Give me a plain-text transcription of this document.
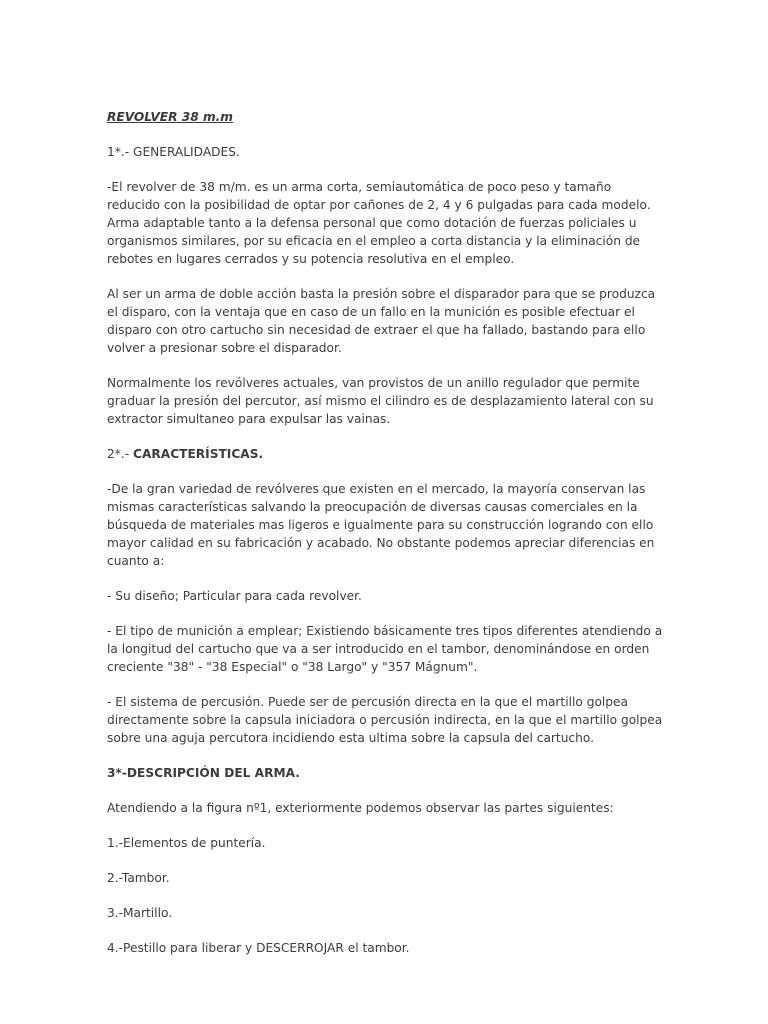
REVOLVER 38 m.m
1*.- GENERALIDADES.

-El revolver de 38 m/m. es un arma corta, semiautomática de poco peso y tamaño reducido con la posibilidad de optar por cañones de 2, 4 y 6 pulgadas para cada modelo. Arma adaptable tanto a la defensa personal que como dotación de fuerzas policiales u organismos similares, por su eficacia en el empleo a corta distancia y la eliminación de rebotes en lugares cerrados y su potencia resolutiva en el empleo.

Al ser un arma de doble acción basta la presión sobre el disparador para que se produzca el disparo, con la ventaja que en caso de un fallo en la munición es posible efectuar el disparo con otro cartucho sin necesidad de extraer el que ha fallado, bastando para ello volver a presionar sobre el disparador.

Normalmente los revólveres actuales, van provistos de un anillo regulador que permite graduar la presión del percutor, así mismo el cilindro es de desplazamiento lateral con su extractor simultaneo para expulsar las vainas.

2*.- CARACTERÍSTICAS.

-De la gran variedad de revólveres que existen en el mercado, la mayoría conservan las mismas características salvando la preocupación de diversas causas comerciales en la búsqueda de materiales mas ligeros e igualmente para su construcción logrando con ello mayor calidad en su fabricación y acabado. No obstante podemos apreciar diferencias en cuanto a:

- Su diseño; Particular para cada revolver.

- El tipo de munición a emplear; Existiendo básicamente tres tipos diferentes atendiendo a la longitud del cartucho que va a ser introducido en el tambor, denominándose en orden creciente "38" - "38 Especial" o "38 Largo" y "357 Mágnum".

- El sistema de percusión. Puede ser de percusión directa en la que el martillo golpea directamente sobre la capsula iniciadora o percusión indirecta, en la que el martillo golpea sobre una aguja percutora incidiendo esta ultima sobre la capsula del cartucho.

3*-DESCRIPCIÓN DEL ARMA.

Atendiendo a la figura nº1, exteriormente podemos observar las partes siguientes:

1.-Elementos de puntería.
2.-Tambor.
3.-Martillo.
4.-Pestillo para liberar y DESCERROJAR el tambor.
